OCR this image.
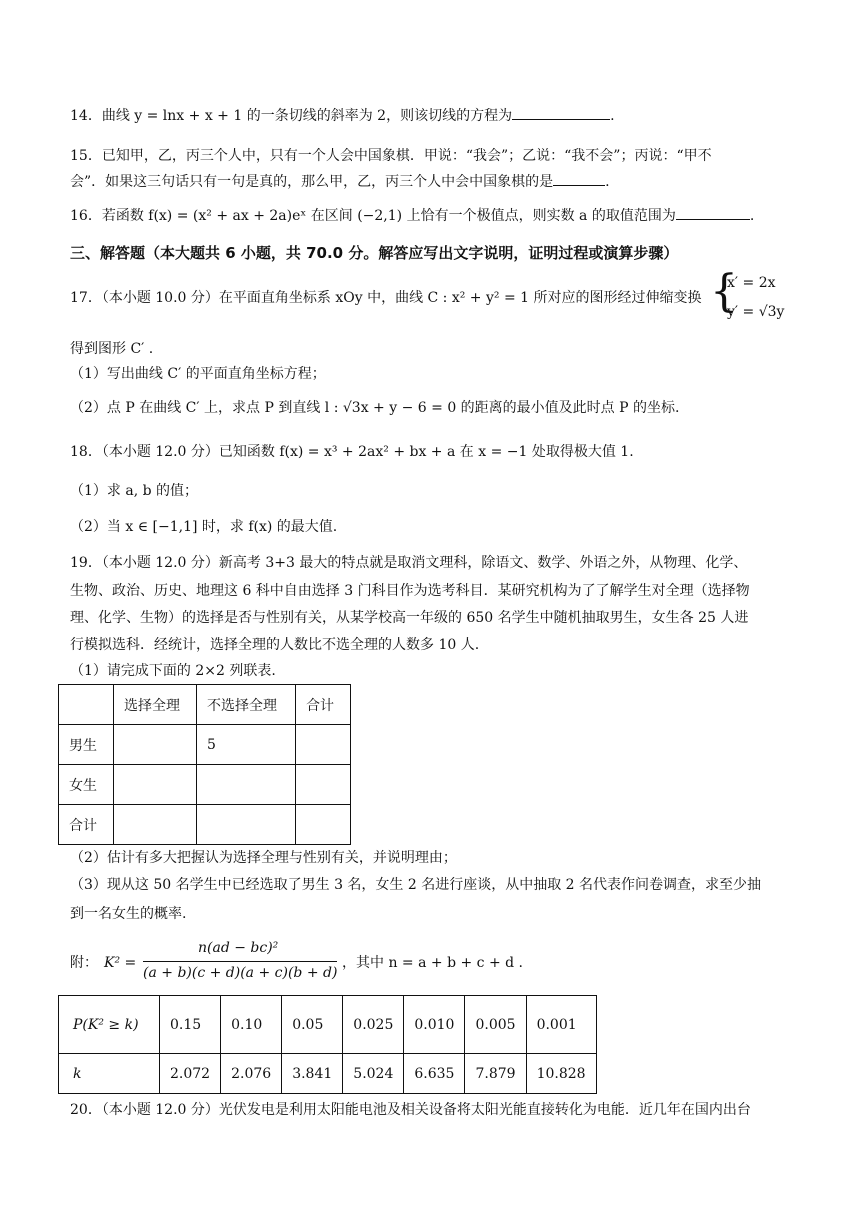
14．曲线 y = lnx + x + 1 的一条切线的斜率为 2，则该切线的方程为	.
15．已知甲，乙，丙三个人中，只有一个人会中国象棋．甲说：“我会”；乙说：“我不会”；丙说：“甲不
会”．如果这三句话只有一句是真的，那么甲，乙，丙三个人中会中国象棋的是	.
16．若函数 f(x) = (x² + ax + 2a)eˣ 在区间 (−2,1) 上恰有一个极值点，则实数 a 的取值范围为	.
三、解答题（本大题共 6 小题，共 70.0 分。解答应写出文字说明，证明过程或演算步骤）
17．（本小题 10.0 分）在平面直角坐标系 xOy 中，曲线 C : x² + y² = 1 所对应的图形经过伸缩变换 {
x′ = 2x
y′ = √3y
得到图形 C′ .
（1）写出曲线 C′ 的平面直角坐标方程；
（2）点 P 在曲线 C′ 上，求点 P 到直线 l : √3x + y − 6 = 0 的距离的最小值及此时点 P 的坐标.
18．（本小题 12.0 分）已知函数 f(x) = x³ + 2ax² + bx + a 在 x = −1 处取得极大值 1.
（1）求 a, b 的值；
（2）当 x ∈ [−1,1] 时，求 f(x) 的最大值.
19．（本小题 12.0 分）新高考 3+3 最大的特点就是取消文理科，除语文、数学、外语之外，从物理、化学、
生物、政治、历史、地理这 6 科中自由选择 3 门科目作为选考科目．某研究机构为了了解学生对全理（选择物
理、化学、生物）的选择是否与性别有关，从某学校高一年级的 650 名学生中随机抽取男生，女生各 25 人进
行模拟选科．经统计，选择全理的人数比不选全理的人数多 10 人.
（1）请完成下面的 2×2 列联表.
	选择全理	不选择全理	合计
男生		5	
女生			
合计			
（2）估计有多大把握认为选择全理与性别有关，并说明理由；
（3）现从这 50 名学生中已经选取了男生 3 名，女生 2 名进行座谈，从中抽取 2 名代表作问卷调查，求至少抽
到一名女生的概率.
附： K² =
n(ad − bc)²
(a + b)(c + d)(a + c)(b + d)
，其中 n = a + b + c + d .
P(K² ≥ k)	0.15	0.10	0.05	0.025	0.010	0.005	0.001
k	2.072	2.076	3.841	5.024	6.635	7.879	10.828
20．（本小题 12.0 分）光伏发电是利用太阳能电池及相关设备将太阳光能直接转化为电能．近几年在国内出台
